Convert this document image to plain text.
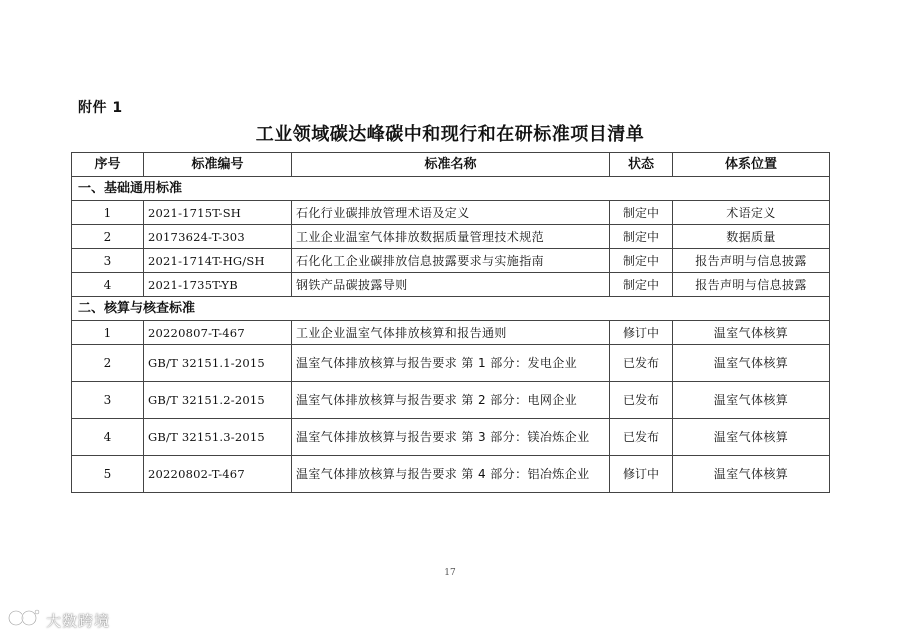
附件 1
工业领域碳达峰碳中和现行和在研标准项目清单
序号	标准编号	标准名称	状态	体系位置
一、基础通用标准				
1	2021-1715T-SH	石化行业碳排放管理术语及定义	制定中	术语定义
2	20173624-T-303	工业企业温室气体排放数据质量管理技术规范	制定中	数据质量
3	2021-1714T-HG/SH	石化化工企业碳排放信息披露要求与实施指南	制定中	报告声明与信息披露
4	2021-1735T-YB	钢铁产品碳披露导则	制定中	报告声明与信息披露
二、核算与核查标准				
1	20220807-T-467	工业企业温室气体排放核算和报告通则	修订中	温室气体核算
2	GB/T 32151.1-2015	温室气体排放核算与报告要求 第 1 部分：发电企业	已发布	温室气体核算
3	GB/T 32151.2-2015	温室气体排放核算与报告要求 第 2 部分：电网企业	已发布	温室气体核算
4	GB/T 32151.3-2015	温室气体排放核算与报告要求 第 3 部分：镁冶炼企业	已发布	温室气体核算
5	20220802-T-467	温室气体排放核算与报告要求 第 4 部分：铝冶炼企业	修订中	温室气体核算
17
大数跨境
